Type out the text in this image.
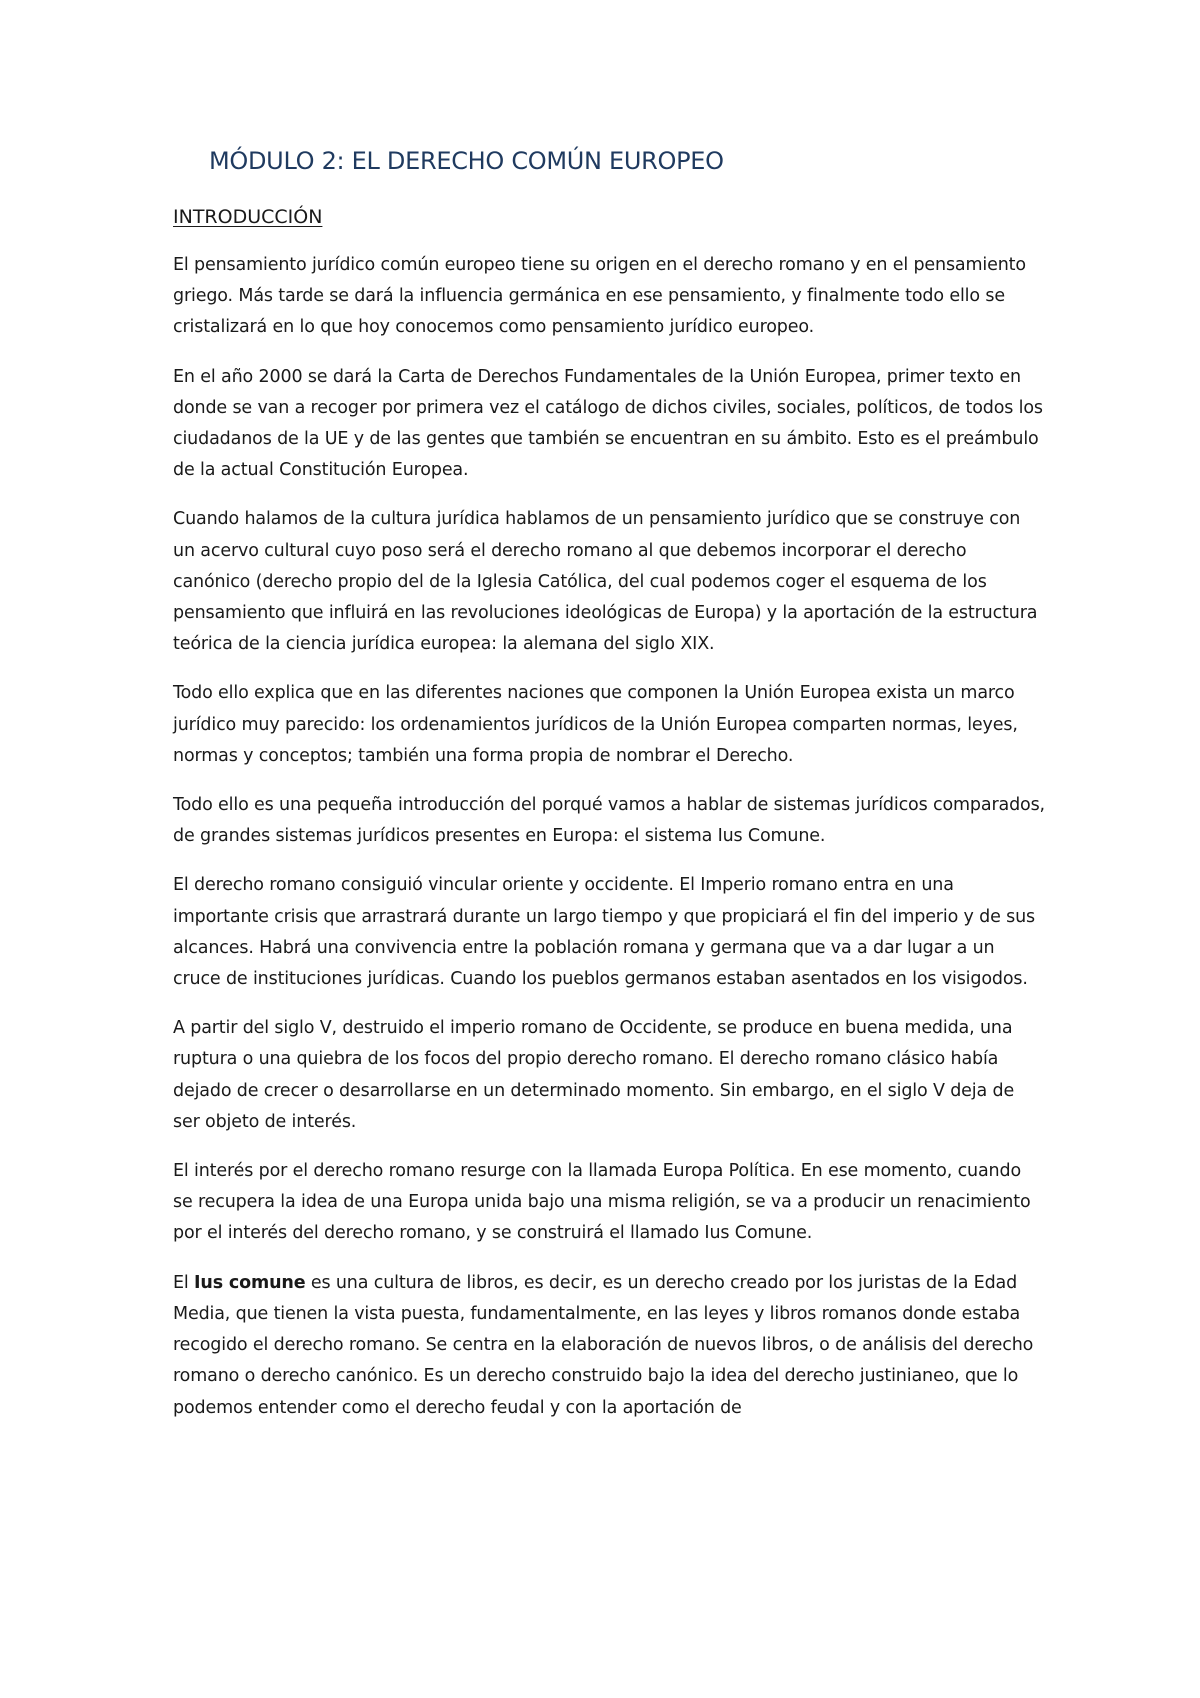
MÓDULO 2: EL DERECHO COMÚN EUROPEO
INTRODUCCIÓN

El pensamiento jurídico común europeo tiene su origen en el derecho romano y en el pensamiento griego. Más tarde se dará la influencia germánica en ese pensamiento, y finalmente todo ello se cristalizará en lo que hoy conocemos como pensamiento jurídico europeo.

En el año 2000 se dará la Carta de Derechos Fundamentales de la Unión Europea, primer texto en donde se van a recoger por primera vez el catálogo de dichos civiles, sociales, políticos, de todos los ciudadanos de la UE y de las gentes que también se encuentran en su ámbito. Esto es el preámbulo de la actual Constitución Europea.

Cuando halamos de la cultura jurídica hablamos de un pensamiento jurídico que se construye con un acervo cultural cuyo poso será el derecho romano al que debemos incorporar el derecho canónico (derecho propio del de la Iglesia Católica, del cual podemos coger el esquema de los pensamiento que influirá en las revoluciones ideológicas de Europa) y la aportación de la estructura teórica de la ciencia jurídica europea: la alemana del siglo XIX.

Todo ello explica que en las diferentes naciones que componen la Unión Europea exista un marco jurídico muy parecido: los ordenamientos jurídicos de la Unión Europea comparten normas, leyes, normas y conceptos; también una forma propia de nombrar el Derecho.

Todo ello es una pequeña introducción del porqué vamos a hablar de sistemas jurídicos comparados, de grandes sistemas jurídicos presentes en Europa: el sistema Ius Comune.

El derecho romano consiguió vincular oriente y occidente. El Imperio romano entra en una importante crisis que arrastrará durante un largo tiempo y que propiciará el fin del imperio y de sus alcances. Habrá una convivencia entre la población romana y germana que va a dar lugar a un cruce de instituciones jurídicas. Cuando los pueblos germanos estaban asentados en los visigodos.

A partir del siglo V, destruido el imperio romano de Occidente, se produce en buena medida, una ruptura o una quiebra de los focos del propio derecho romano. El derecho romano clásico había dejado de crecer o desarrollarse en un determinado momento. Sin embargo, en el siglo V deja de ser objeto de interés.

El interés por el derecho romano resurge con la llamada Europa Política. En ese momento, cuando se recupera la idea de una Europa unida bajo una misma religión, se va a producir un renacimiento por el interés del derecho romano, y se construirá el llamado Ius Comune.

El Ius comune es una cultura de libros, es decir, es un derecho creado por los juristas de la Edad Media, que tienen la vista puesta, fundamentalmente, en las leyes y libros romanos donde estaba recogido el derecho romano. Se centra en la elaboración de nuevos libros, o de análisis del derecho romano o derecho canónico. Es un derecho construido bajo la idea del derecho justinianeo, que lo podemos entender como el derecho feudal y con la aportación de
